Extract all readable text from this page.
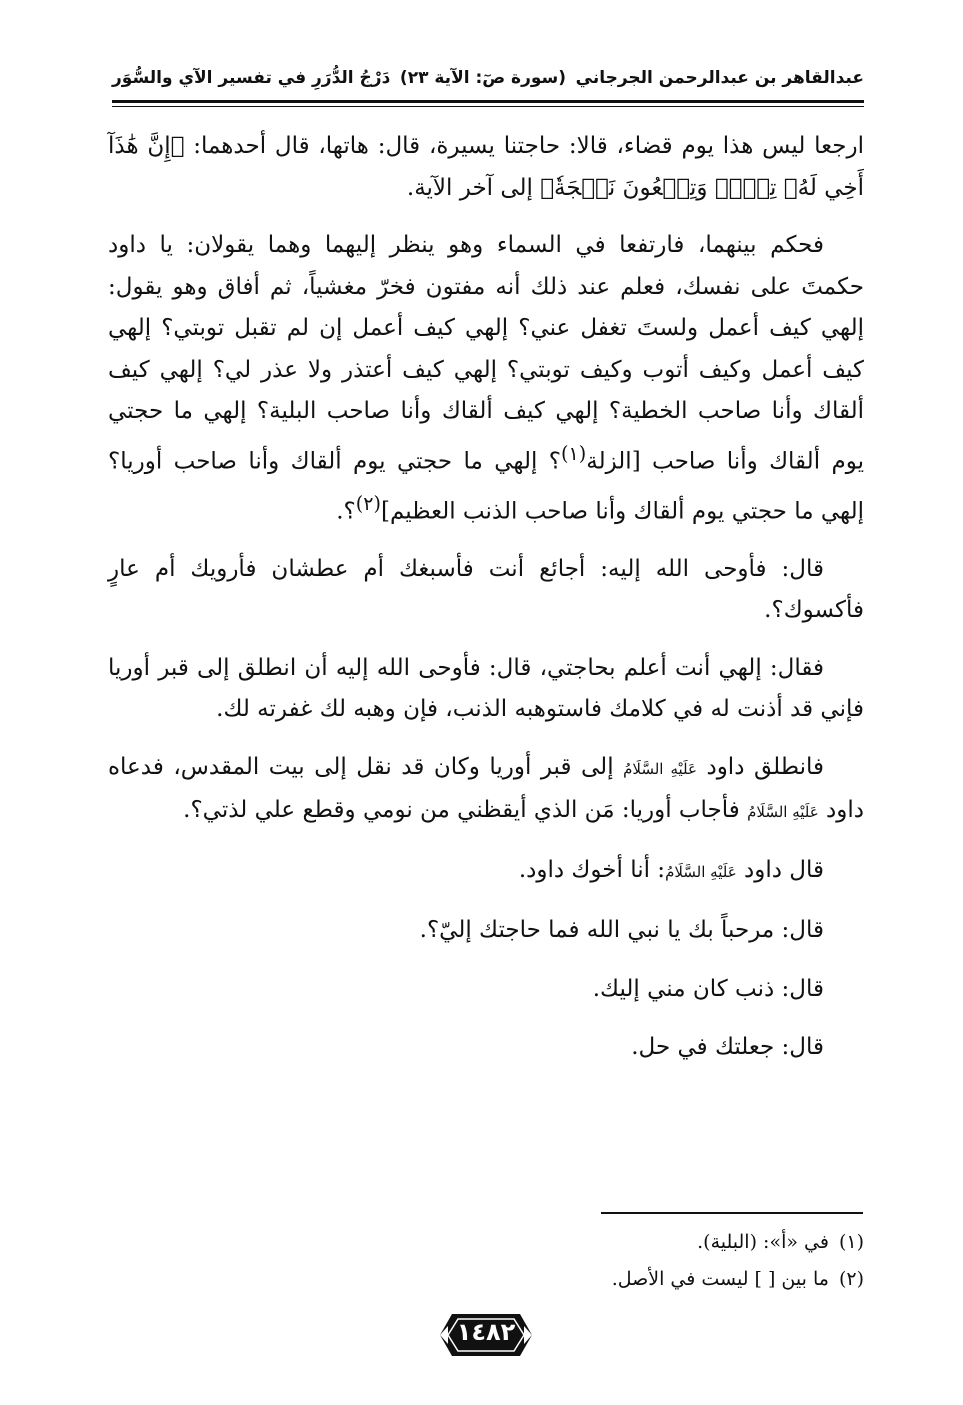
عبدالقاهر بن عبدالرحمن الجرجاني
(سورة صٓ: الآية ٢٣)
دَرْجُ الدُّرَرِ في تفسير الآي والسُّوَر

ارجعا ليس هذا يوم قضاء، قالا: حاجتنا يسيرة، قال: هاتها، قال أحدهما: ﴿إِنَّ هَٰذَآ أَخِي لَهُۥ تِسۡعٞ وَتِسۡعُونَ نَعۡجَةٗ﴾ إلى آخر الآية.

فحكم بينهما، فارتفعا في السماء وهو ينظر إليهما وهما يقولان: يا داود حكمتَ على نفسك، فعلم عند ذلك أنه مفتون فخرّ مغشياً، ثم أفاق وهو يقول: إلهي كيف أعمل ولستَ تغفل عني؟ إلهي كيف أعمل إن لم تقبل توبتي؟ إلهي كيف أعمل وكيف أتوب وكيف توبتي؟ إلهي كيف أعتذر ولا عذر لي؟ إلهي كيف ألقاك وأنا صاحب الخطية؟ إلهي كيف ألقاك وأنا صاحب البلية؟ إلهي ما حجتي يوم ألقاك وأنا صاحب [الزلة$^{(١)}$؟ إلهي ما حجتي يوم ألقاك وأنا صاحب أوريا؟ إلهي ما حجتي يوم ألقاك وأنا صاحب الذنب العظيم]$^{(٢)}$؟.

قال: فأوحى الله إليه: أجائع أنت فأسبغك أم عطشان فأرويك أم عارٍ فأكسوك؟.

فقال: إلهي أنت أعلم بحاجتي، قال: فأوحى الله إليه أن انطلق إلى قبر أوريا فإني قد أذنت له في كلامك فاستوهبه الذنب، فإن وهبه لك غفرته لك.

فانطلق داود عَلَيْهِ السَّلَامُ إلى قبر أوريا وكان قد نقل إلى بيت المقدس، فدعاه داود عَلَيْهِ السَّلَامُ فأجاب أوريا: مَن الذي أيقظني من نومي وقطع علي لذتي؟.

قال داود عَلَيْهِ السَّلَامُ: أنا أخوك داود.

قال: مرحباً بك يا نبي الله فما حاجتك إليّ؟.

قال: ذنب كان مني إليك.

قال: جعلتك في حل.

(١)في «أ»: (البلية).
(٢)ما بين [ ] ليست في الأصل.
١٤٨٢
